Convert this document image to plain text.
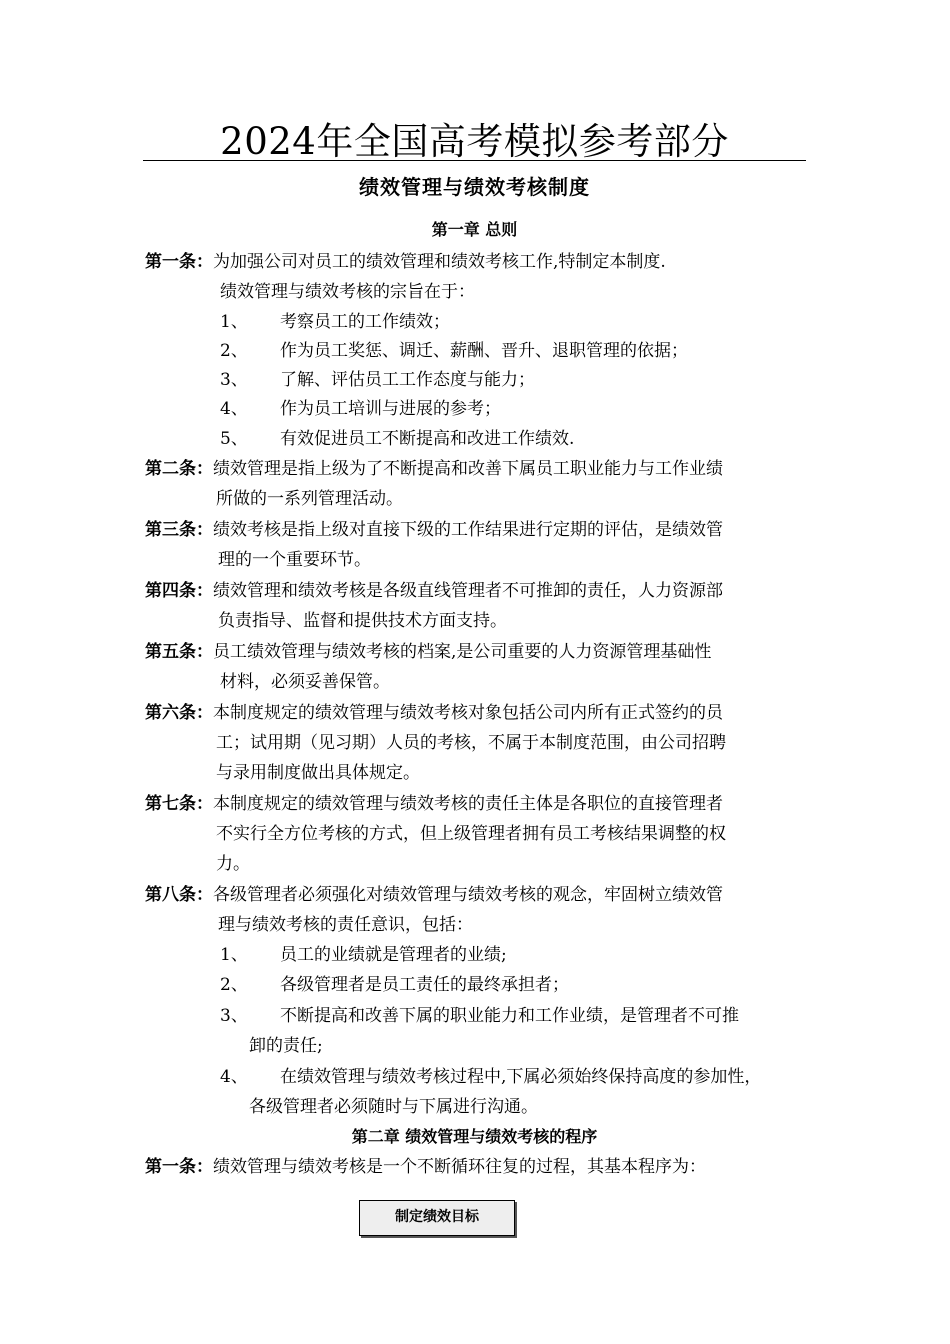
2024年全国高考模拟参考部分
绩效管理与绩效考核制度
第一章 总则
第一条：为加强公司对员工的绩效管理和绩效考核工作,特制定本制度.
绩效管理与绩效考核的宗旨在于：
1、 考察员工的工作绩效；
2、 作为员工奖惩、调迁、薪酬、晋升、退职管理的依据；
3、 了解、评估员工工作态度与能力；
4、 作为员工培训与进展的参考；
5、 有效促进员工不断提高和改进工作绩效.
第二条：绩效管理是指上级为了不断提高和改善下属员工职业能力与工作业绩
所做的一系列管理活动。
第三条：绩效考核是指上级对直接下级的工作结果进行定期的评估，是绩效管
理的一个重要环节。
第四条：绩效管理和绩效考核是各级直线管理者不可推卸的责任，人力资源部
负责指导、监督和提供技术方面支持。
第五条：员工绩效管理与绩效考核的档案,是公司重要的人力资源管理基础性
材料，必须妥善保管。
第六条：本制度规定的绩效管理与绩效考核对象包括公司内所有正式签约的员
工；试用期（见习期）人员的考核，不属于本制度范围，由公司招聘
与录用制度做出具体规定。
第七条：本制度规定的绩效管理与绩效考核的责任主体是各职位的直接管理者
不实行全方位考核的方式，但上级管理者拥有员工考核结果调整的权
力。
第八条：各级管理者必须强化对绩效管理与绩效考核的观念，牢固树立绩效管
理与绩效考核的责任意识，包括：
1、 员工的业绩就是管理者的业绩;
2、 各级管理者是员工责任的最终承担者；
3、 不断提高和改善下属的职业能力和工作业绩，是管理者不可推
卸的责任;
4、 在绩效管理与绩效考核过程中,下属必须始终保持高度的参加性，
各级管理者必须随时与下属进行沟通。
第二章 绩效管理与绩效考核的程序
第一条：绩效管理与绩效考核是一个不断循环往复的过程，其基本程序为：
制定绩效目标
